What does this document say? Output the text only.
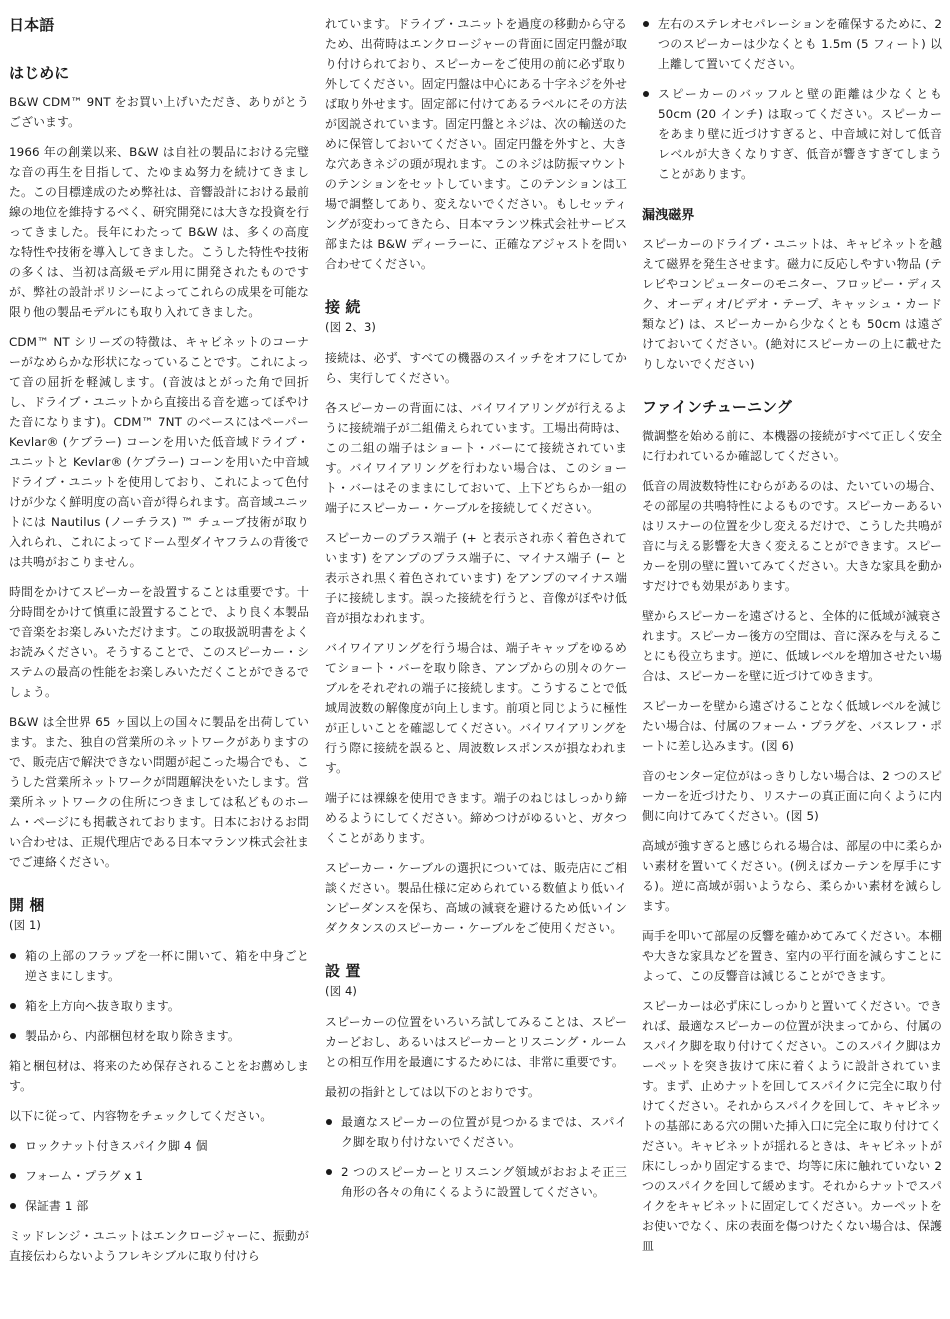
日本語
はじめに

B&W CDM™ 9NT をお買い上げいただき、ありがとうございます。

1966 年の創業以来、B&W は自社の製品における完璧な音の再生を目指して、たゆまぬ努力を続けてきました。この目標達成のため弊社は、音響設計における最前線の地位を維持するべく、研究開発には大きな投資を行ってきました。長年にわたって B&W は、多くの高度な特性や技術を導入してきました。こうした特性や技術の多くは、当初は高級モデル用に開発されたものですが、弊社の設計ポリシーによってこれらの成果を可能な限り他の製品モデルにも取り入れてきました。

CDM™ NT シリーズの特徴は、キャビネットのコーナーがなめらかな形状になっていることです。これによって音の屈折を軽減します。(音波はとがった角で回折し、ドライブ・ユニットから直接出る音を遮ってぼやけた音になります)。CDM™ 7NT のベースにはペーパー Kevlar® (ケブラー) コーンを用いた低音域ドライブ・ユニットと Kevlar® (ケブラー) コーンを用いた中音域ドライブ・ユニットを使用しており、これによって色付けが少なく鮮明度の高い音が得られます。高音域ユニットには Nautilus (ノーチラス) ™ チューブ技術が取り入れられ、これによってドーム型ダイヤフラムの背後では共鳴がおこりません。

時間をかけてスピーカーを設置することは重要です。十分時間をかけて慎重に設置することで、より良く本製品で音楽をお楽しみいただけます。この取扱説明書をよくお読みください。そうすることで、このスピーカー・システムの最高の性能をお楽しみいただくことができるでしょう。

B&W は全世界 65 ヶ国以上の国々に製品を出荷しています。また、独自の営業所のネットワークがありますので、販売店で解決できない問題が起こった場合でも、こうした営業所ネットワークが問題解決をいたします。営業所ネットワークの住所につきましては私どものホーム・ページにも掲載されております。日本におけるお問い合わせは、正規代理店である日本マランツ株式会社までご連絡ください。

開 梱
(図 1)
箱の上部のフラップを一杯に開いて、箱を中身ごと逆さまにします。
箱を上方向へ抜き取ります。
製品から、内部梱包材を取り除きます。

箱と梱包材は、将来のため保存されることをお薦めします。

以下に従って、内容物をチェックしてください。

ロックナット付きスパイク脚 4 個
フォーム・プラグ x 1
保証書 1 部

ミッドレンジ・ユニットはエンクロージャーに、振動が直接伝わらないようフレキシブルに取り付けら

れています。ドライブ・ユニットを過度の移動から守るため、出荷時はエンクロージャーの背面に固定円盤が取り付けられており、スピーカーをご使用の前に必ず取り外してください。固定円盤は中心にある十字ネジを外せば取り外せます。固定部に付けてあるラベルにその方法が図説されています。固定円盤とネジは、次の輸送のために保管しておいてください。固定円盤を外すと、大きな穴あきネジの頭が現れます。このネジは防振マウントのテンションをセットしています。このテンションは工場で調整してあり、変えないでください。もしセッティングが変わってきたら、日本マランツ株式会社サービス部または B&W ディーラーに、正確なアジャストを問い合わせてください。

接 続
(図 2、3)

接続は、必ず、すべての機器のスイッチをオフにしてから、実行してください。

各スピーカーの背面には、バイワイアリングが行えるように接続端子が二組備えられています。工場出荷時は、この二組の端子はショート・バーにて接続されています。バイワイアリングを行わない場合は、このショート・バーはそのままにしておいて、上下どちらか一組の端子にスピーカー・ケーブルを接続してください。

スピーカーのプラス端子 (+ と表示され赤く着色されています) をアンプのプラス端子に、マイナス端子 (− と表示され黒く着色されています) をアンプのマイナス端子に接続します。誤った接続を行うと、音像がぼやけ低音が損なわれます。

バイワイアリングを行う場合は、端子キャップをゆるめてショート・バーを取り除き、アンプからの別々のケーブルをそれぞれの端子に接続します。こうすることで低域周波数の解像度が向上します。前項と同じように極性が正しいことを確認してください。バイワイアリングを行う際に接続を誤ると、周波数レスポンスが損なわれます。

端子には裸線を使用できます。端子のねじはしっかり締めるようにしてください。締めつけがゆるいと、ガタつくことがあります。

スピーカー・ケーブルの選択については、販売店にご相談ください。製品仕様に定められている数値より低いインピーダンスを保ち、高域の減衰を避けるため低いインダクタンスのスピーカー・ケーブルをご使用ください。

設 置
(図 4)

スピーカーの位置をいろいろ試してみることは、スピーカーどおし、あるいはスピーカーとリスニング・ルームとの相互作用を最適にするためには、非常に重要です。

最初の指針としては以下のとおりです。

最適なスピーカーの位置が見つかるまでは、スパイク脚を取り付けないでください。
2 つのスピーカーとリスニング領域がおおよそ正三角形の各々の角にくるように設置してください。
左右のステレオセパレーションを確保するために、2 つのスピーカーは少なくとも 1.5m (5 フィート) 以上離して置いてください。
スピーカーのバッフルと壁の距離は少なくとも 50cm (20 インチ) は取ってください。スピーカーをあまり壁に近づけすぎると、中音域に対して低音レベルが大きくなりすぎ、低音が響きすぎてしまうことがあります。
漏洩磁界

スピーカーのドライブ・ユニットは、キャビネットを越えて磁界を発生させます。磁力に反応しやすい物品 (テレビやコンピューターのモニター、フロッピー・ディスク、オーディオ/ビデオ・テープ、キャッシュ・カード類など) は、スピーカーから少なくとも 50cm は遠ざけておいてください。(絶対にスピーカーの上に載せたりしないでください)

ファインチューニング

微調整を始める前に、本機器の接続がすべて正しく安全に行われているか確認してください。

低音の周波数特性にむらがあるのは、たいていの場合、その部屋の共鳴特性によるものです。スピーカーあるいはリスナーの位置を少し変えるだけで、こうした共鳴が音に与える影響を大きく変えることができます。スピーカーを別の壁に置いてみてください。大きな家具を動かすだけでも効果があります。

壁からスピーカーを遠ざけると、全体的に低域が減衰されます。スピーカー後方の空間は、音に深みを与えることにも役立ちます。逆に、低域レベルを増加させたい場合は、スピーカーを壁に近づけてゆきます。

スピーカーを壁から遠ざけることなく低域レベルを減じたい場合は、付属のフォーム・プラグを、バスレフ・ポートに差し込みます。(図 6)

音のセンター定位がはっきりしない場合は、2 つのスピーカーを近づけたり、リスナーの真正面に向くように内側に向けてみてください。(図 5)

高域が強すぎると感じられる場合は、部屋の中に柔らかい素材を置いてください。(例えばカーテンを厚手にする)。逆に高域が弱いようなら、柔らかい素材を減らします。

両手を叩いて部屋の反響を確かめてみてください。本棚や大きな家具などを置き、室内の平行面を減らすことによって、この反響音は減じることができます。

スピーカーは必ず床にしっかりと置いてください。できれば、最適なスピーカーの位置が決まってから、付属のスパイク脚を取り付けてください。このスパイク脚はカーペットを突き抜けて床に着くように設計されています。まず、止めナットを回してスパイクに完全に取り付けてください。それからスパイクを回して、キャビネットの基部にある穴の開いた挿入口に完全に取り付けてください。キャビネットが揺れるときは、キャビネットが床にしっかり固定するまで、均等に床に触れていない 2 つのスパイクを回して緩めます。それからナットでスパイクをキャビネットに固定してください。カーペットをお使いでなく、床の表面を傷つけたくない場合は、保護皿
